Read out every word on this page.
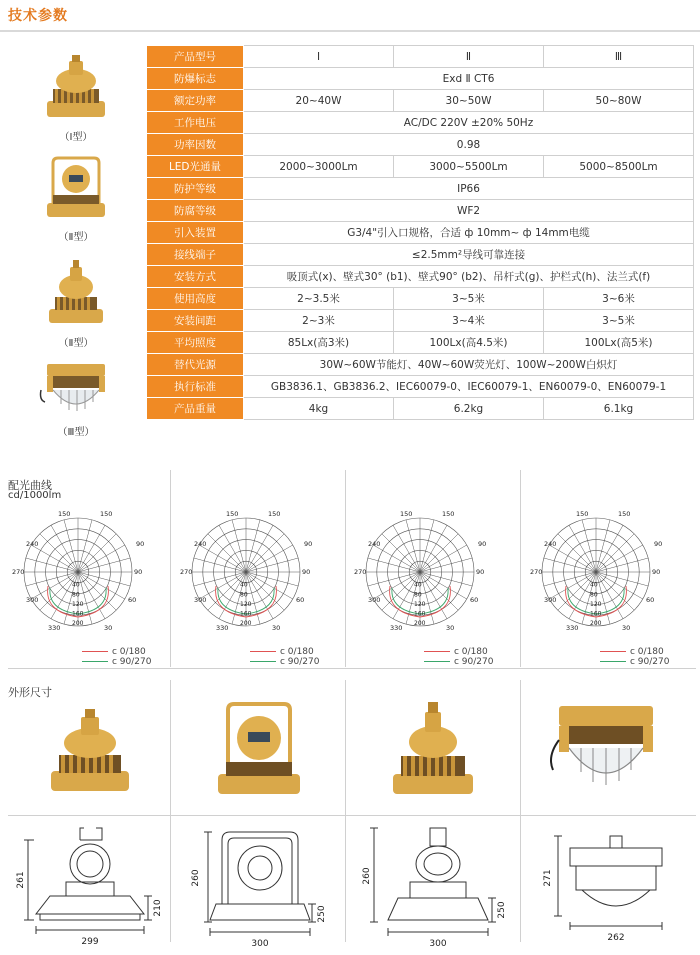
技术参数
（Ⅰ型）
（Ⅱ型）
（Ⅱ型）
（Ⅲ型）
产品型号	Ⅰ	Ⅱ	Ⅲ
防爆标志	Exd Ⅱ CT6		
额定功率	20~40W	30~50W	50~80W
工作电压	AC/DC 220V ±20% 50Hz		
功率因数	0.98		
LED光通量	2000~3000Lm	3000~5500Lm	5000~8500Lm
防护等级	IP66		
防腐等级	WF2		
引入装置	G3/4"引入口规格，合适 ф 10mm~ ф 14mm电缆		
接线端子	≤2.5mm²导线可靠连接		
安装方式	吸顶式(x)、壁式30° (b1)、壁式90° (b2)、吊杆式(g)、护栏式(h)、法兰式(f)		
使用高度	2~3.5米	3~5米	3~6米
安装间距	2~3米	3~4米	3~5米
平均照度	85Lx(高3米)	100Lx(高4.5米)	100Lx(高5米)
替代光源	30W~60W节能灯、40W~60W荧光灯、100W~200W白炽灯		
执行标准	GB3836.1、GB3836.2、IEC60079-0、IEC60079-1、EN60079-0、EN60079-1		
产品重量	4kg	6.2kg	6.1kg
配光曲线
cd/1000lm
150	150
240	90
270	90
300	60
330	30
40
80
120
160
200
150	150
240	90
270	90
300	60
330	30
40
80
120
160
200
150	150
240	90
270	90
300	60
330	30
40
80
120
160
200
150	150
240	90
270	90
300	60
330	30
40
80
120
160
200
外形尺寸
261
210
299
260
250
300
260
250
300
271
262
c 0/180
c 90/270
c 0/180
c 90/270
c 0/180
c 90/270
c 0/180
c 90/270
